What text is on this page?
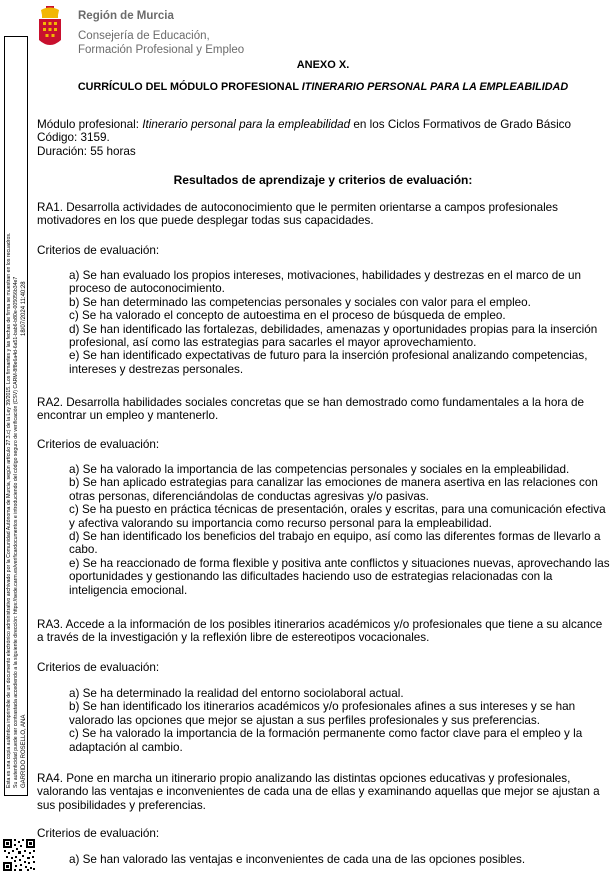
Región de Murcia
Consejería de Educación,
Formación Profesional y Empleo
Esta es una copia auténtica imprimible de un documento electrónico administrativo archivado por la Comunidad Autónoma de Murcia, según artículo 27.3.c) de la Ley 39/2015. Los firmantes y las fechas de firma se muestran en los recuadros. Su autenticidad puede ser contrastada accediendo a la siguiente dirección: https://sede.carm.es/verificardocumentos e introduciendo del código seguro de verificación (CSV) CARM-8f8e6a4d-6a51-bab6-b80e-005056b34e7 GARRIDO ROSELLO, ANA
18/07/2024 11:40:28
ANEXO X.
CURRÍCULO DEL MÓDULO PROFESIONAL ITINERARIO PERSONAL PARA LA EMPLEABILIDAD
Módulo profesional: Itinerario personal para la empleabilidad en los Ciclos Formativos de Grado Básico
Código: 3159.
Duración: 55 horas
Resultados de aprendizaje y criterios de evaluación:
RA1. Desarrolla actividades de autoconocimiento que le permiten orientarse a campos profesionales motivadores en los que puede desplegar todas sus capacidades.
Criterios de evaluación:
a) Se han evaluado los propios intereses, motivaciones, habilidades y destrezas en el marco de un proceso de autoconocimiento.
b) Se han determinado las competencias personales y sociales con valor para el empleo.
c) Se ha valorado el concepto de autoestima en el proceso de búsqueda de empleo.
d) Se han identificado las fortalezas, debilidades, amenazas y oportunidades propias para la inserción profesional, así como las estrategias para sacarles el mayor aprovechamiento.
e) Se han identificado expectativas de futuro para la inserción profesional analizando competencias, intereses y destrezas personales.
RA2. Desarrolla habilidades sociales concretas que se han demostrado como fundamentales a la hora de encontrar un empleo y mantenerlo.
Criterios de evaluación:
a) Se ha valorado la importancia de las competencias personales y sociales en la empleabilidad.
b) Se han aplicado estrategias para canalizar las emociones de manera asertiva en las relaciones con otras personas, diferenciándolas de conductas agresivas y/o pasivas.
c) Se ha puesto en práctica técnicas de presentación, orales y escritas, para una comunicación efectiva y afectiva valorando su importancia como recurso personal para la empleabilidad.
d) Se han identificado los beneficios del trabajo en equipo, así como las diferentes formas de llevarlo a cabo.
e) Se ha reaccionado de forma flexible y positiva ante conflictos y situaciones nuevas, aprovechando las oportunidades y gestionando las dificultades haciendo uso de estrategias relacionadas con la inteligencia emocional.
RA3. Accede a la información de los posibles itinerarios académicos y/o profesionales que tiene a su alcance a través de la investigación y la reflexión libre de estereotipos vocacionales.
Criterios de evaluación:
a) Se ha determinado la realidad del entorno sociolaboral actual.
b) Se han identificado los itinerarios académicos y/o profesionales afines a sus intereses y se han valorado las opciones que mejor se ajustan a sus perfiles profesionales y sus preferencias.
c) Se ha valorado la importancia de la formación permanente como factor clave para el empleo y la adaptación al cambio.
RA4. Pone en marcha un itinerario propio analizando las distintas opciones educativas y profesionales, valorando las ventajas e inconvenientes de cada una de ellas y examinando aquellas que mejor se ajustan a sus posibilidades y preferencias.
Criterios de evaluación:
a) Se han valorado las ventajas e inconvenientes de cada una de las opciones posibles.
